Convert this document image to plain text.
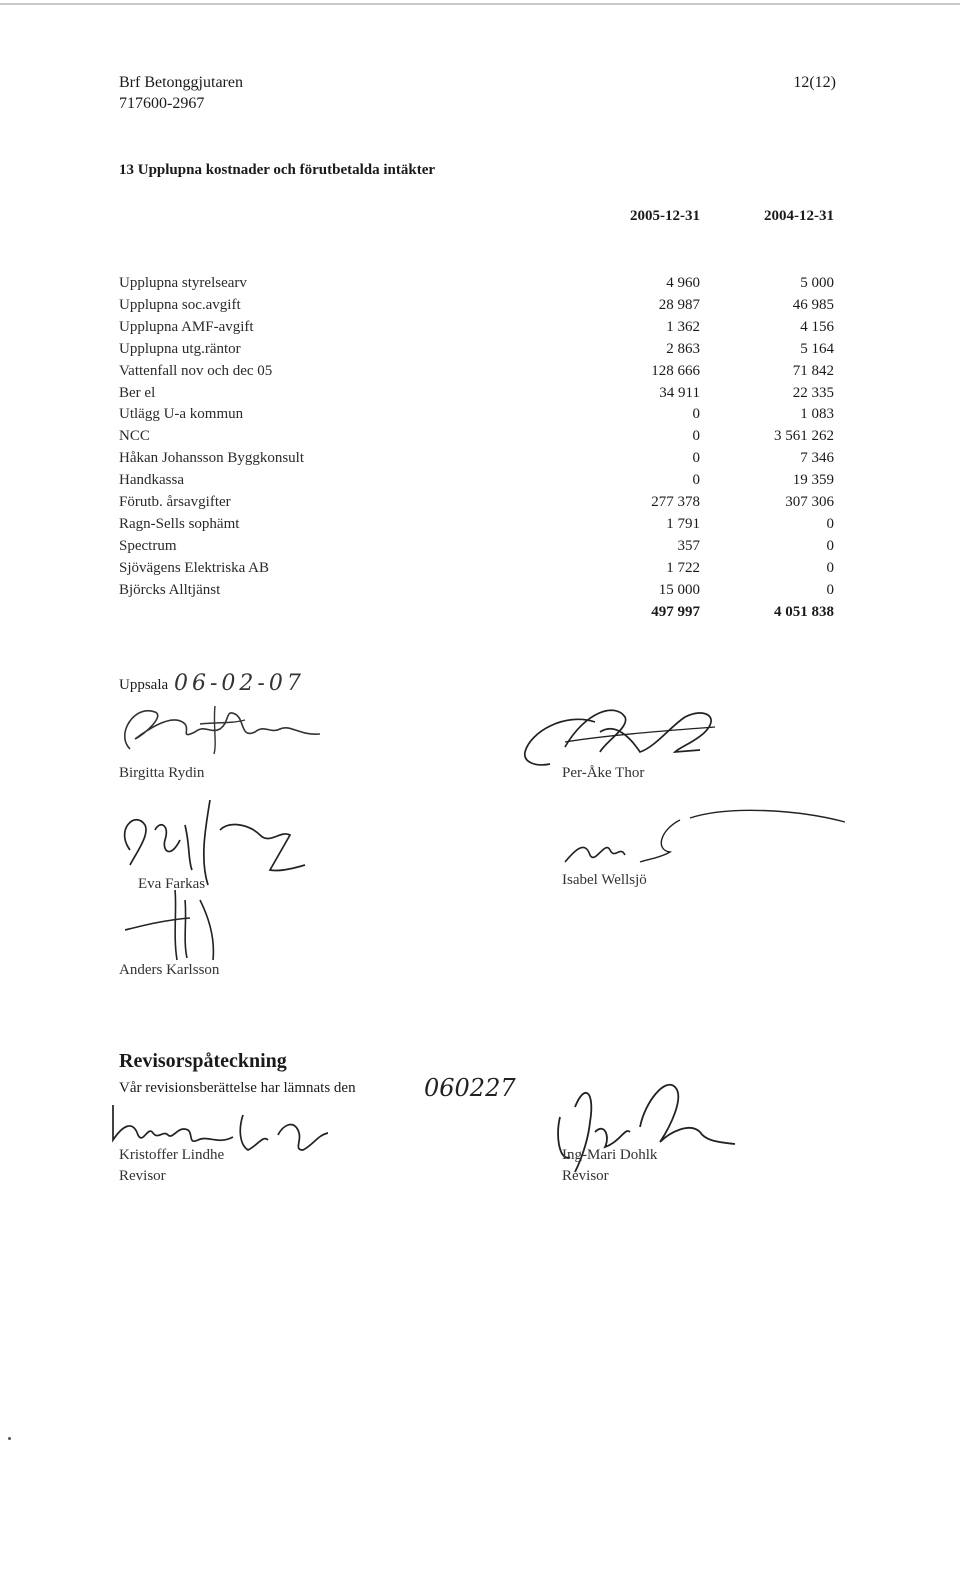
Brf Betonggjutaren
717600-2967
12(12)
13 Upplupna kostnader och förutbetalda intäkter
2005-12-31	2004-12-31
Upplupna styrelsearv	4 960	5 000
Upplupna soc.avgift	28 987	46 985
Upplupna AMF-avgift	1 362	4 156
Upplupna utg.räntor	2 863	5 164
Vattenfall nov och dec 05	128 666	71 842
Ber el	34 911	22 335
Utlägg U-a kommun	0	1 083
NCC	0	3 561 262
Håkan Johansson Byggkonsult	0	7 346
Handkassa	0	19 359
Förutb. årsavgifter	277 378	307 306
Ragn-Sells sophämt	1 791	0
Spectrum	357	0
Sjövägens Elektriska AB	1 722	0
Björcks Alltjänst	15 000	0
	497 997	4 051 838
Uppsala 06-02-07
Birgitta Rydin	Per-Åke Thor
Eva Farkas	Isabel Wellsjö
Anders Karlsson
Revisorspåteckning
Vår revisionsberättelse har lämnats den	060227
Kristoffer Lindhe
Revisor
Ing-Mari Dohlk
Revisor
